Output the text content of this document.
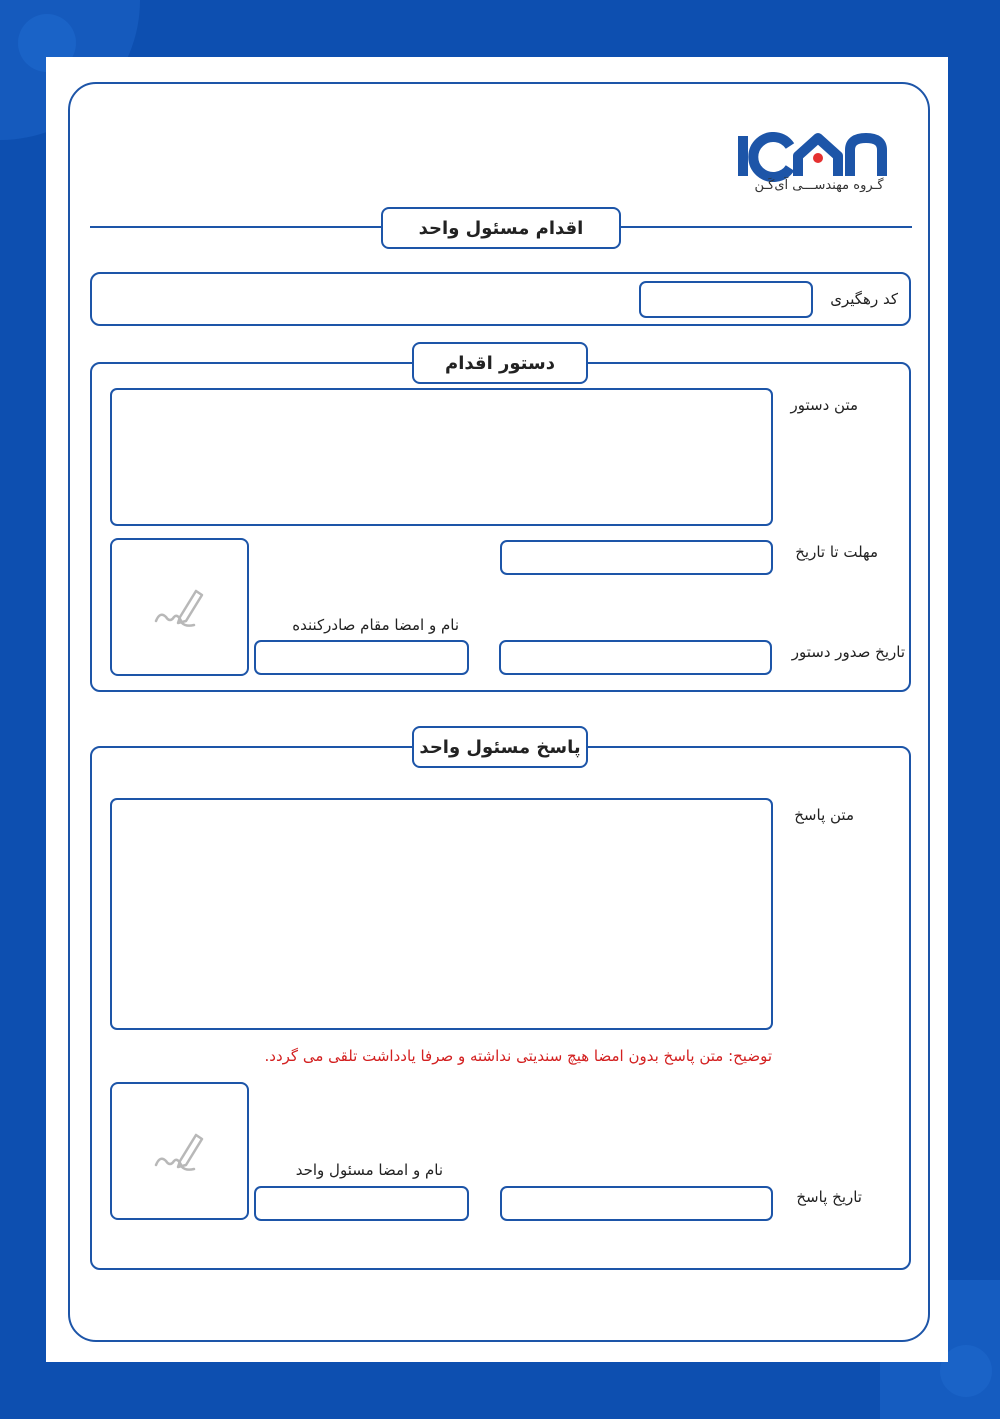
گـروه مهندســـی آی‌کَـن
اقدام مسئول واحد
کد رهگیری
دستور اقدام
متن دستور
مهلت تا تاریخ
نام و امضا مقام صادرکننده
تاریخ صدور دستور
پاسخ مسئول واحد
متن پاسخ
توضیح: متن پاسخ بدون امضا هیچ سندیتی نداشته و صرفا یادداشت تلقی می گردد.
نام و امضا مسئول واحد
تاریخ پاسخ
